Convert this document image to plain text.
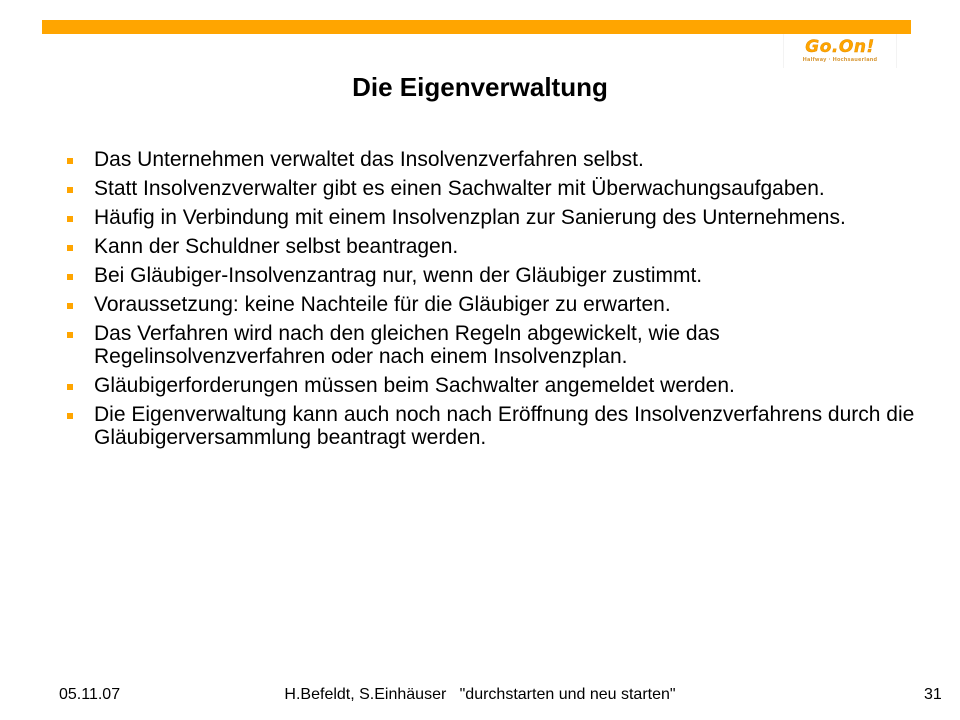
Go.On!
Halfway · Hochsauerland
Die Eigenverwaltung
Das Unternehmen verwaltet das Insolvenzverfahren selbst.
Statt Insolvenzverwalter gibt es einen Sachwalter mit Überwachungsaufgaben.
Häufig in Verbindung mit einem Insolvenzplan zur Sanierung des Unternehmens.
Kann der Schuldner selbst beantragen.
Bei Gläubiger-Insolvenzantrag nur, wenn der Gläubiger zustimmt.
Voraussetzung: keine Nachteile für die Gläubiger zu erwarten.
Das Verfahren wird nach den gleichen Regeln abgewickelt, wie das Regelinsolvenzverfahren oder nach einem Insolvenzplan.
Gläubigerforderungen müssen beim Sachwalter angemeldet werden.
Die Eigenverwaltung kann auch noch nach Eröffnung des Insolvenzverfahrens durch die Gläubigerversammlung beantragt werden.
05.11.07	H.Befeldt, S.Einhäuser   "durchstarten und neu starten"	31
